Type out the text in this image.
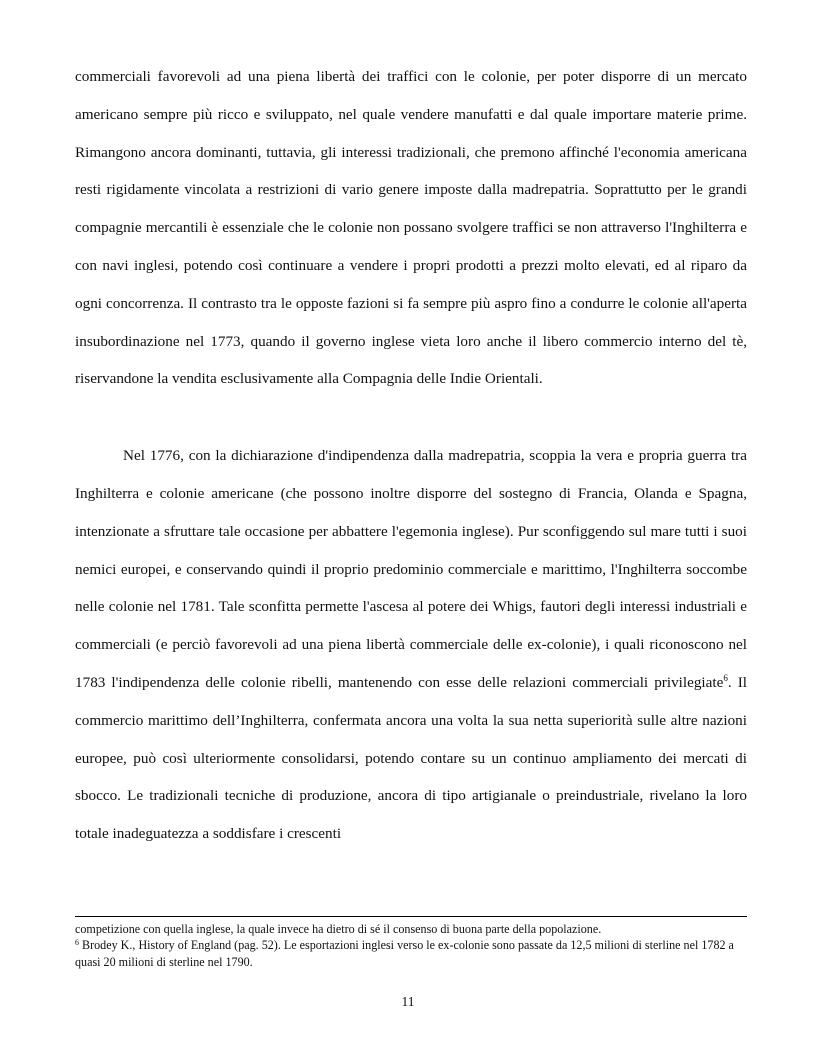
commerciali favorevoli ad una piena libertà dei traffici con le colonie, per poter disporre di un mercato americano sempre più ricco e sviluppato, nel quale vendere manufatti e dal quale importare materie prime. Rimangono ancora dominanti, tuttavia, gli interessi tradizionali, che premono affinché l'economia americana resti rigidamente vincolata a restrizioni di vario genere imposte dalla madrepatria. Soprattutto per le grandi compagnie mercantili è essenziale che le colonie non possano svolgere traffici se non attraverso l'Inghilterra e con navi inglesi, potendo così continuare a vendere i propri prodotti a prezzi molto elevati, ed al riparo da ogni concorrenza. Il contrasto tra le opposte fazioni si fa sempre più aspro fino a condurre le colonie all'aperta insubordinazione nel 1773, quando il governo inglese vieta loro anche il libero commercio interno del tè, riservandone la vendita esclusivamente alla Compagnia delle Indie Orientali.

Nel 1776, con la dichiarazione d'indipendenza dalla madrepatria, scoppia la vera e propria guerra tra Inghilterra e colonie americane (che possono inoltre disporre del sostegno di Francia, Olanda e Spagna, intenzionate a sfruttare tale occasione per abbattere l'egemonia inglese). Pur sconfiggendo sul mare tutti i suoi nemici europei, e conservando quindi il proprio predominio commerciale e marittimo, l'Inghilterra soccombe nelle colonie nel 1781. Tale sconfitta permette l'ascesa al potere dei Whigs, fautori degli interessi industriali e commerciali (e perciò favorevoli ad una piena libertà commerciale delle ex-colonie), i quali riconoscono nel 1783 l'indipendenza delle colonie ribelli, mantenendo con esse delle relazioni commerciali privilegiate$^6$. Il commercio marittimo dell’Inghilterra, confermata ancora una volta la sua netta superiorità sulle altre nazioni europee, può così ulteriormente consolidarsi, potendo contare su un continuo ampliamento dei mercati di sbocco. Le tradizionali tecniche di produzione, ancora di tipo artigianale o preindustriale, rivelano la loro totale inadeguatezza a soddisfare i crescenti

competizione con quella inglese, la quale invece ha dietro di sé il consenso di buona parte della popolazione.

$^6$ Brodey K., History of England (pag. 52). Le esportazioni inglesi verso le ex-colonie sono passate da 12,5 milioni di sterline nel 1782 a quasi 20 milioni di sterline nel 1790.

11
